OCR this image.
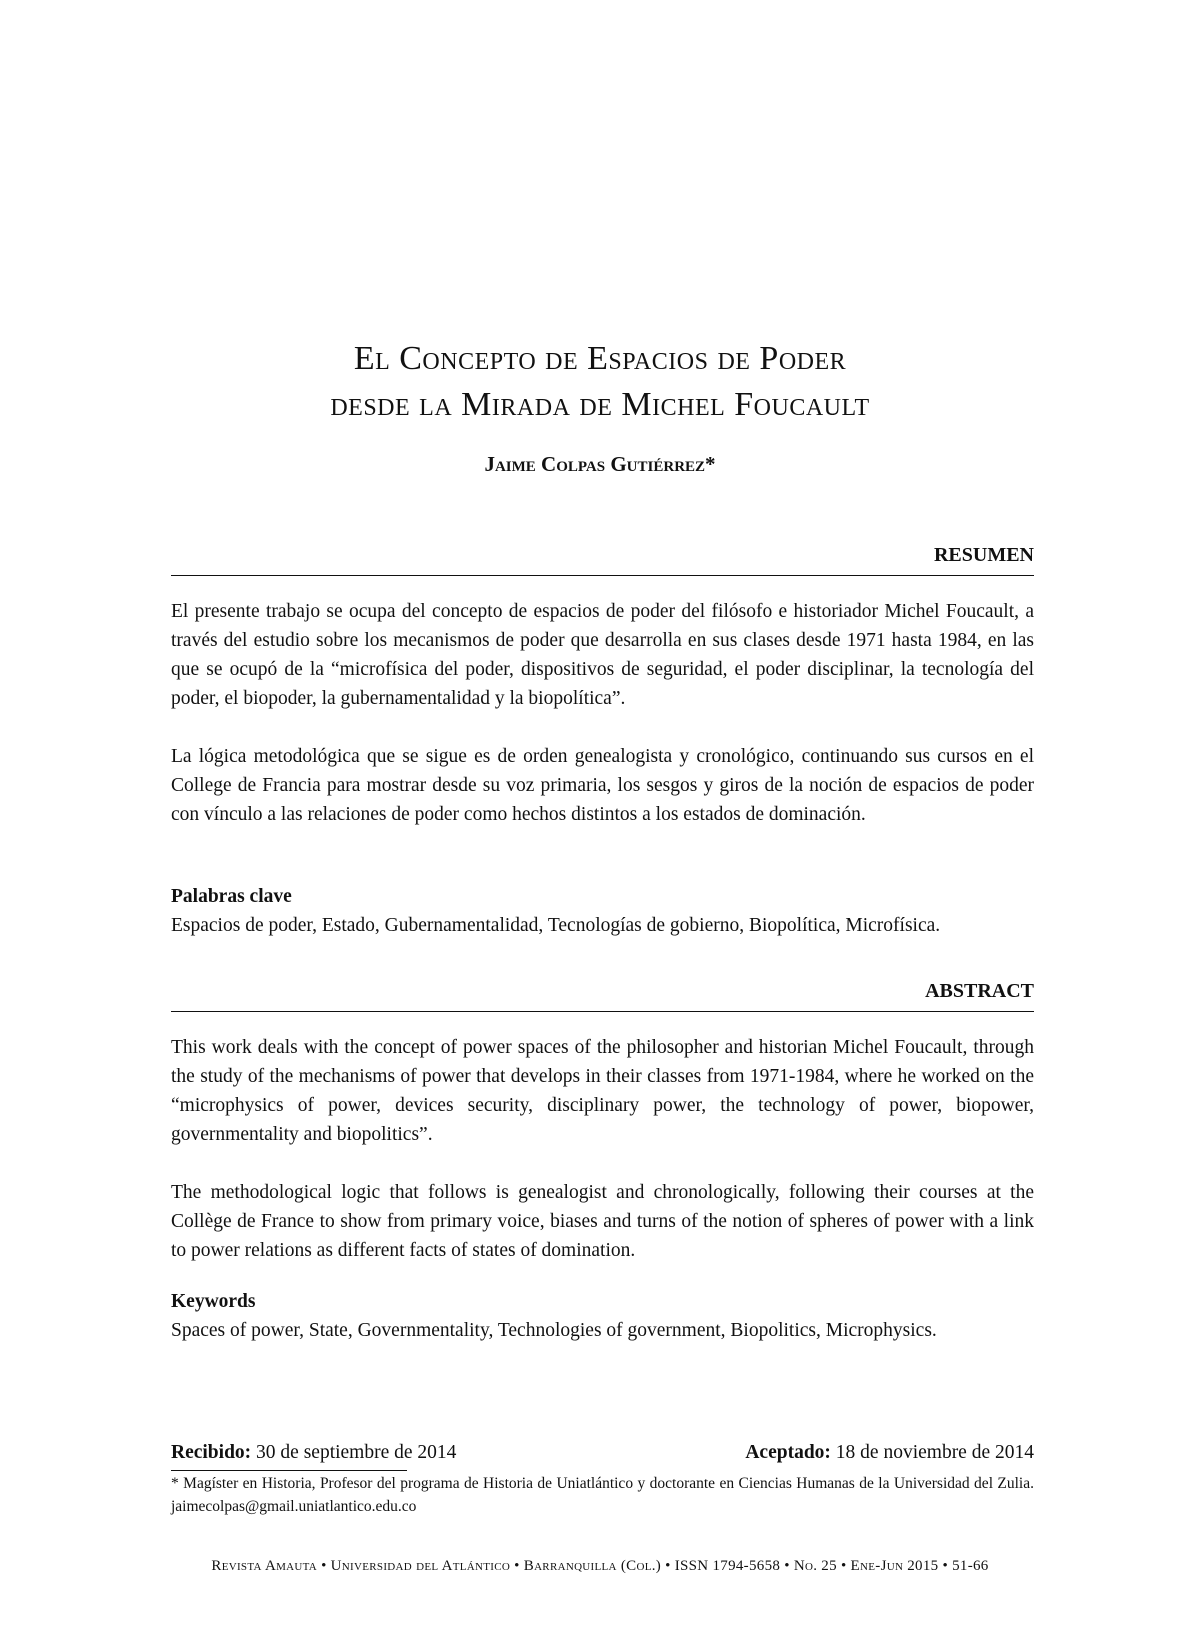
El Concepto de Espacios de Poder
desde la Mirada de Michel Foucault
Jaime Colpas Gutiérrez*
RESUMEN

El presente trabajo se ocupa del concepto de espacios de poder del filósofo e historiador Michel Foucault, a través del estudio sobre los mecanismos de poder que desarrolla en sus clases desde 1971 hasta 1984, en las que se ocupó de la “microfísica del poder, dispositivos de seguridad, el poder disciplinar, la tecnología del poder, el biopoder, la gubernamentalidad y la biopolítica”.

La lógica metodológica que se sigue es de orden genealogista y cronológico, continuando sus cursos en el College de Francia para mostrar desde su voz primaria, los sesgos y giros de la noción de espacios de poder con vínculo a las relaciones de poder como hechos distintos a los estados de dominación.

Palabras clave
Espacios de poder, Estado, Gubernamentalidad, Tecnologías de gobierno, Biopolítica, Microfísica.
ABSTRACT

This work deals with the concept of power spaces of the philosopher and historian Michel Foucault, through the study of the mechanisms of power that develops in their classes from 1971-1984, where he worked on the “microphysics of power, devices security, disciplinary power, the technology of power, biopower, governmentality and biopolitics”.

The methodological logic that follows is genealogist and chronologically, following their courses at the Collège de France to show from primary voice, biases and turns of the notion of spheres of power with a link to power relations as different facts of states of domination.

Keywords
Spaces of power, State, Governmentality, Technologies of government, Biopolitics, Microphysics.
Recibido: 30 de septiembre de 2014	Aceptado: 18 de noviembre de 2014

* Magíster en Historia, Profesor del programa de Historia de Uniatlántico y doctorante en Ciencias Humanas de la Universidad del Zulia. jaimecolpas@gmail.uniatlantico.edu.co

Revista Amauta • Universidad del Atlántico • Barranquilla (Col.) • ISSN 1794-5658 • No. 25 • Ene-Jun 2015 • 51-66
